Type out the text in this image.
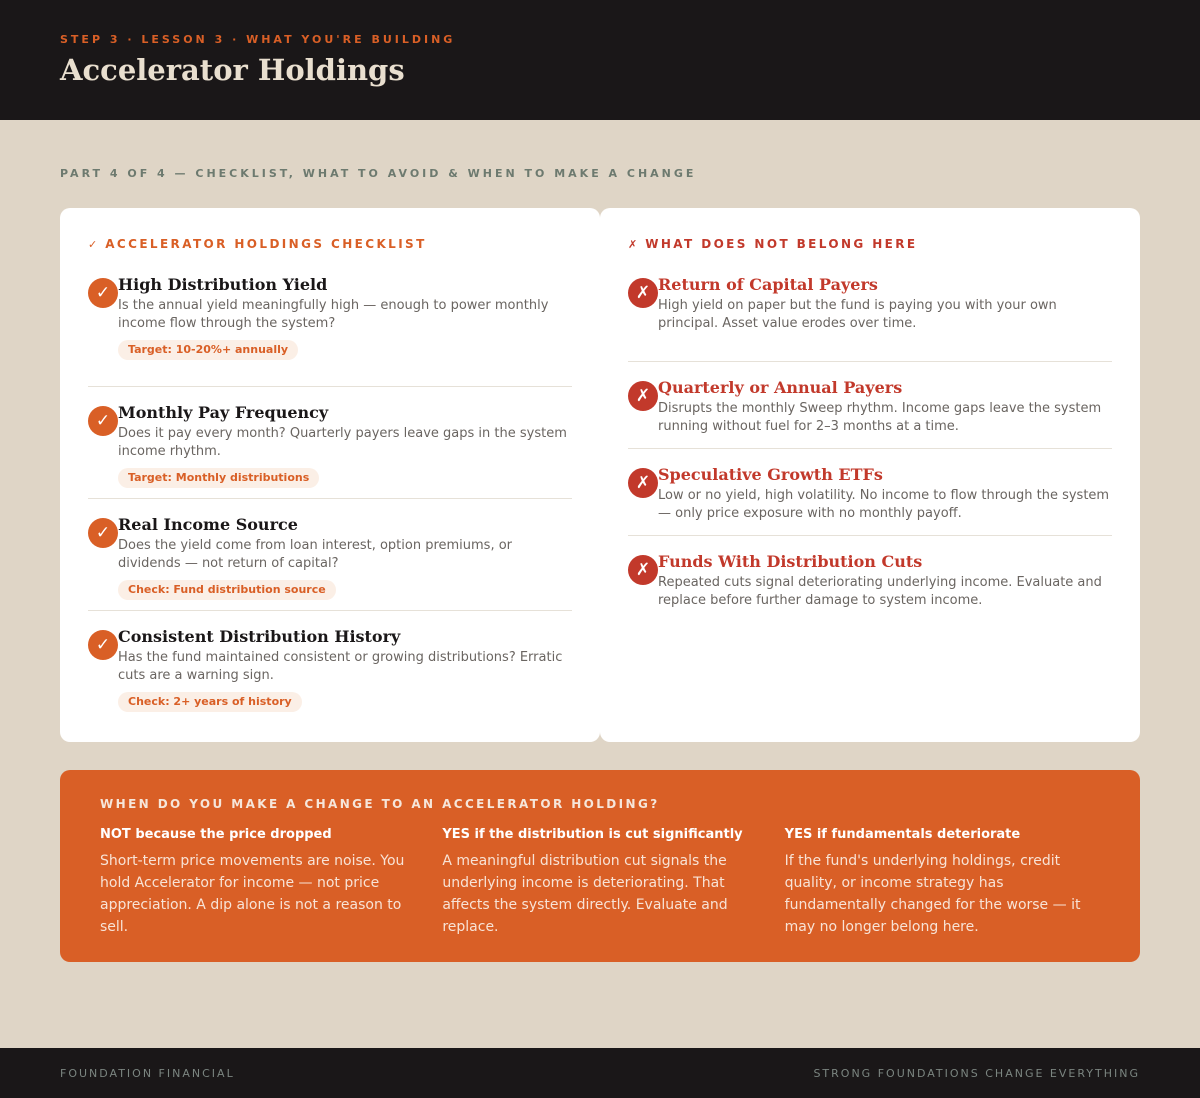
STEP 3 · LESSON 3 · WHAT YOU'RE BUILDING
Accelerator Holdings
PART 4 OF 4 — CHECKLIST, WHAT TO AVOID & WHEN TO MAKE A CHANGE
✓ ACCELERATOR HOLDINGS CHECKLIST
✓ High Distribution Yield
Is the annual yield meaningfully high — enough to power monthly income flow through the system?
Target: 10-20%+ annually
✓ Monthly Pay Frequency
Does it pay every month? Quarterly payers leave gaps in the system income rhythm.
Target: Monthly distributions
✓ Real Income Source
Does the yield come from loan interest, option premiums, or dividends — not return of capital?
Check: Fund distribution source
✓ Consistent Distribution History
Has the fund maintained consistent or growing distributions? Erratic cuts are a warning sign.
Check: 2+ years of history
✗ WHAT DOES NOT BELONG HERE
✗ Return of Capital Payers
High yield on paper but the fund is paying you with your own principal. Asset value erodes over time.
✗ Quarterly or Annual Payers
Disrupts the monthly Sweep rhythm. Income gaps leave the system running without fuel for 2–3 months at a time.
✗ Speculative Growth ETFs
Low or no yield, high volatility. No income to flow through the system — only price exposure with no monthly payoff.
✗ Funds With Distribution Cuts
Repeated cuts signal deteriorating underlying income. Evaluate and replace before further damage to system income.
WHEN DO YOU MAKE A CHANGE TO AN ACCELERATOR HOLDING?
NOT because the price dropped
Short-term price movements are noise. You hold Accelerator for income — not price appreciation. A dip alone is not a reason to sell.
YES if the distribution is cut significantly
A meaningful distribution cut signals the underlying income is deteriorating. That affects the system directly. Evaluate and replace.
YES if fundamentals deteriorate
If the fund's underlying holdings, credit quality, or income strategy has fundamentally changed for the worse — it may no longer belong here.
FOUNDATION FINANCIAL	STRONG FOUNDATIONS CHANGE EVERYTHING
